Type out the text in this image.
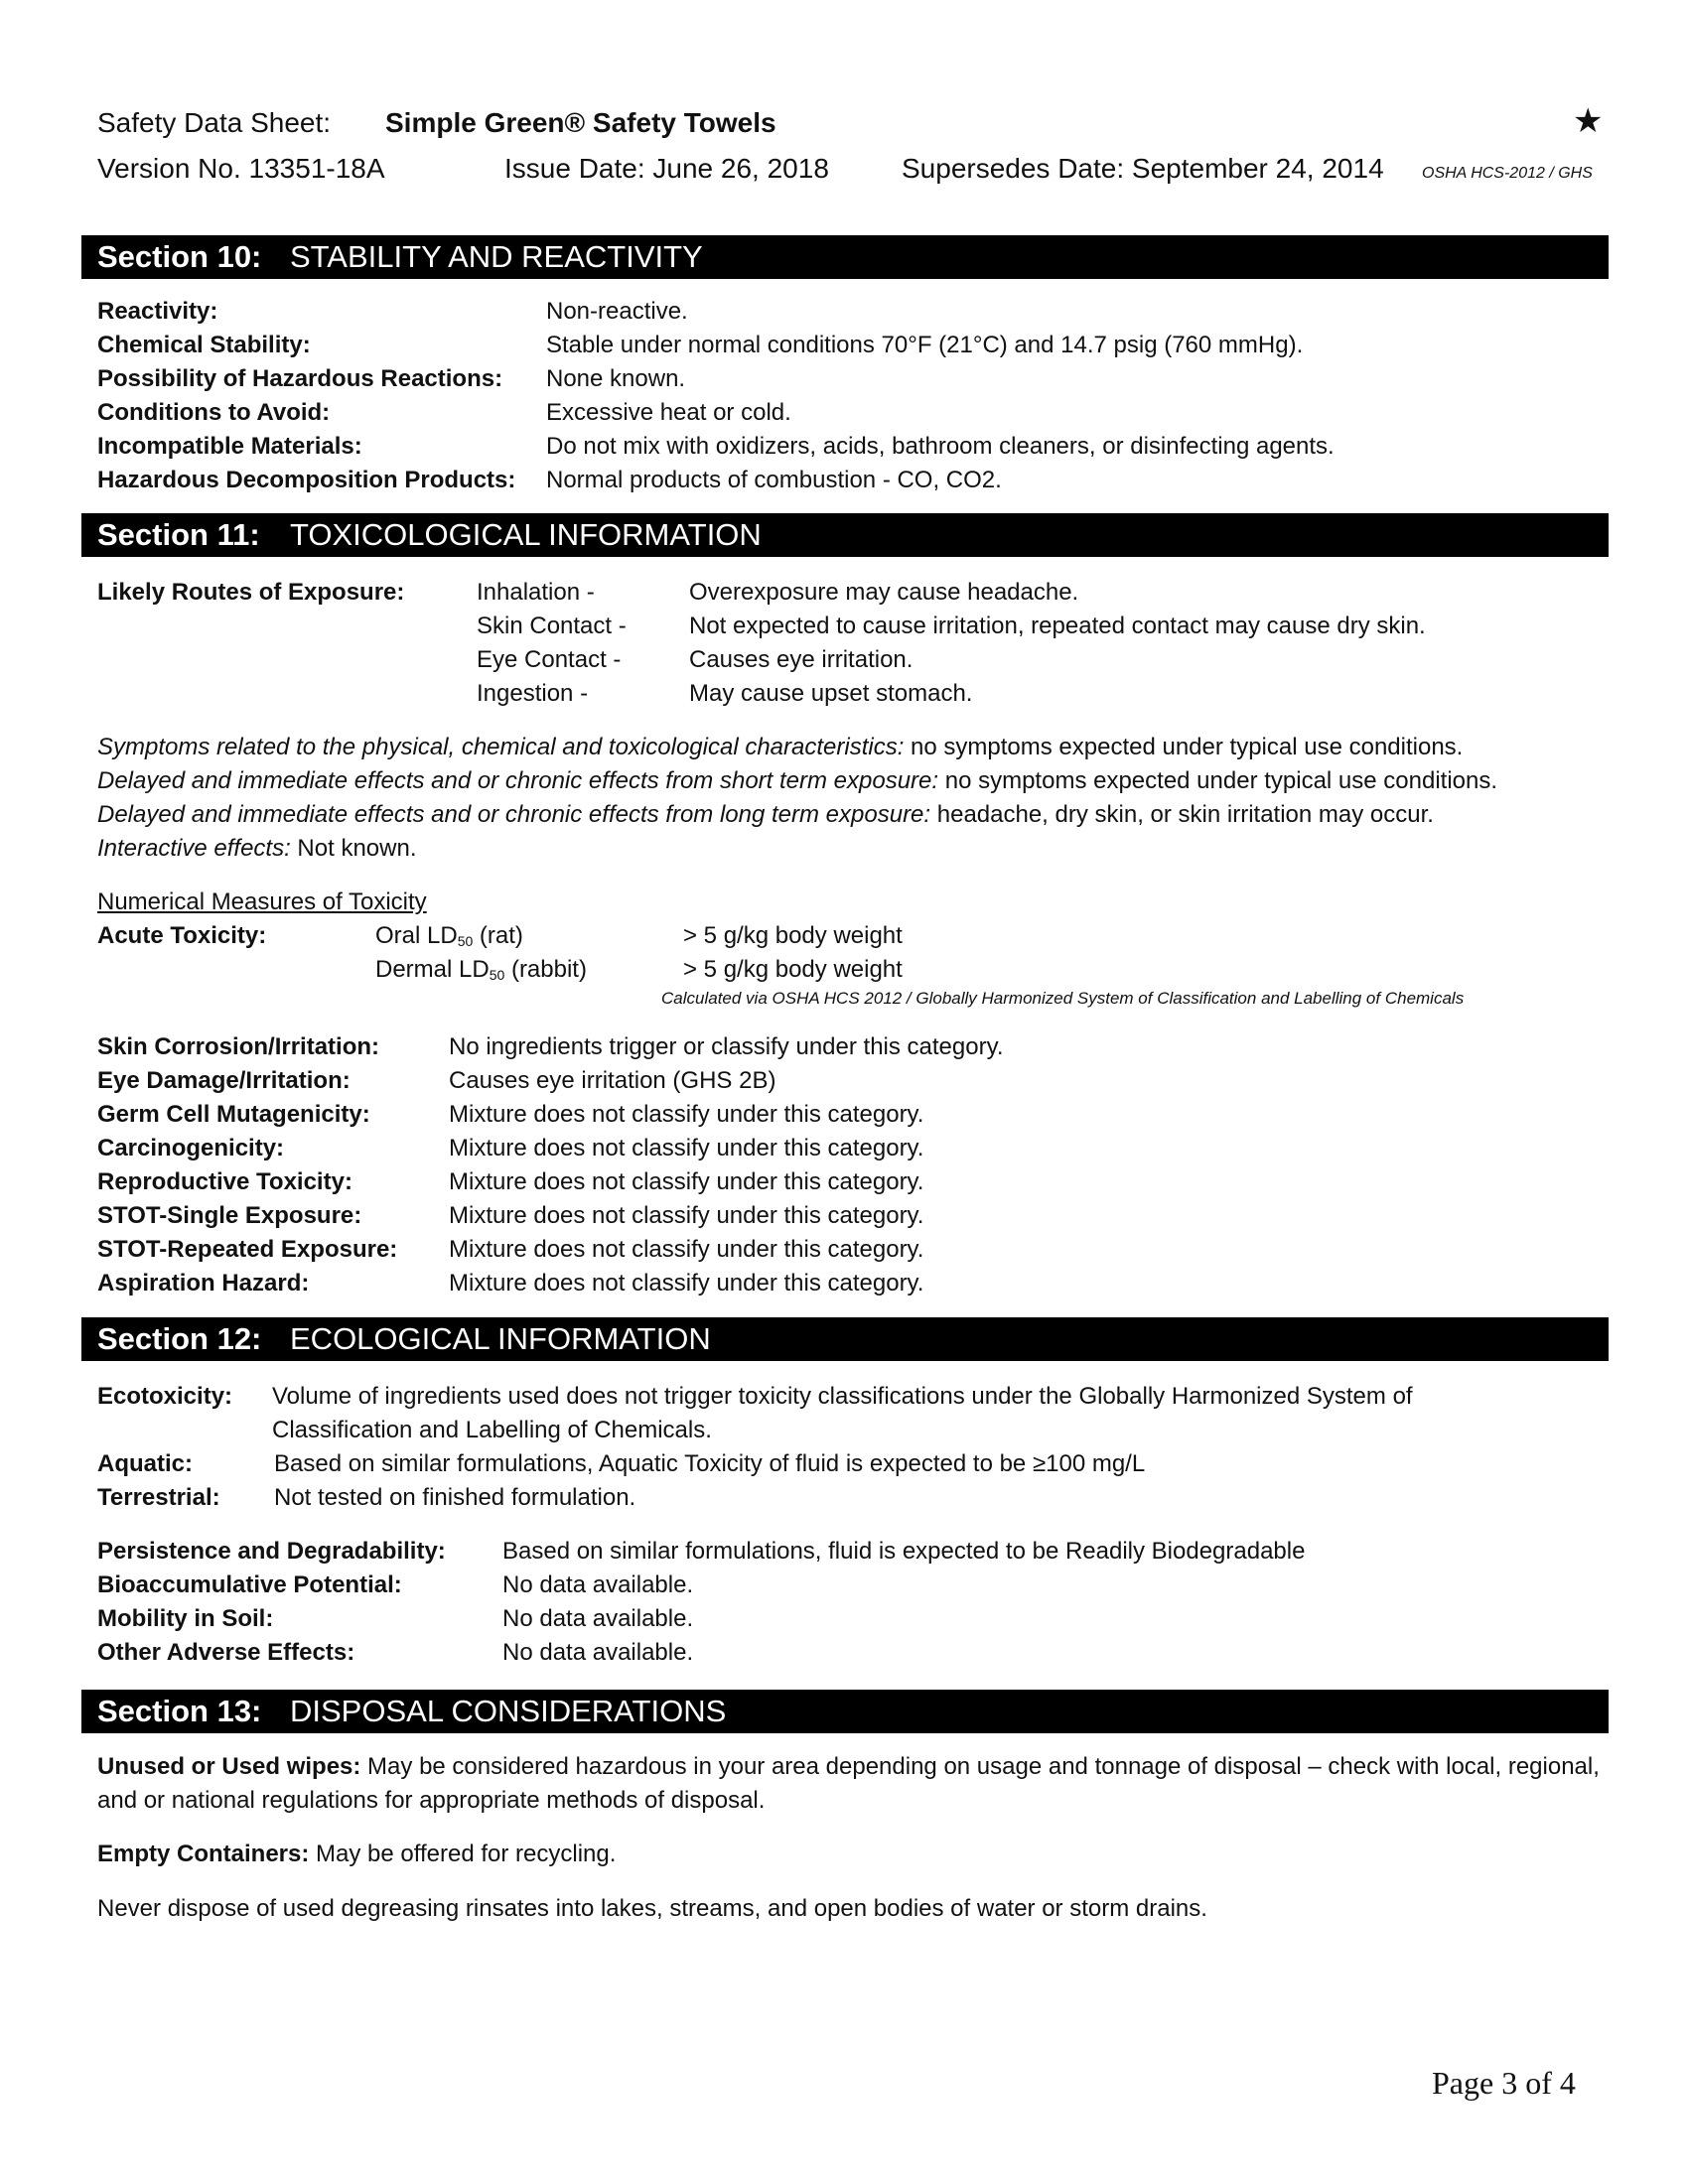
Safety Data Sheet: Simple Green® Safety Towels	★
Version No. 13351-18A	Issue Date: June 26, 2018	Supersedes Date: September 24, 2014 OSHA HCS-2012 / GHS
Section 10: STABILITY AND REACTIVITY
Reactivity:	Non-reactive.
Chemical Stability:	Stable under normal conditions 70°F (21°C) and 14.7 psig (760 mmHg).
Possibility of Hazardous Reactions: None known.
Conditions to Avoid:	Excessive heat or cold.
Incompatible Materials:	Do not mix with oxidizers, acids, bathroom cleaners, or disinfecting agents.
Hazardous Decomposition Products: Normal products of combustion - CO, CO2.
Section 11: TOXICOLOGICAL INFORMATION
Likely Routes of Exposure:	Inhalation -	Overexposure may cause headache.
Skin Contact -	Not expected to cause irritation, repeated contact may cause dry skin.
Eye Contact -	Causes eye irritation.
Ingestion -	May cause upset stomach.
Symptoms related to the physical, chemical and toxicological characteristics: no symptoms expected under typical use conditions.
Delayed and immediate effects and or chronic effects from short term exposure: no symptoms expected under typical use conditions.
Delayed and immediate effects and or chronic effects from long term exposure: headache, dry skin, or skin irritation may occur.
Interactive effects: Not known.
Numerical Measures of Toxicity
Acute Toxicity:	Oral $LD_{50}$ (rat)	> 5 g/kg body weight
Dermal $LD_{50}$ (rabbit)	> 5 g/kg body weight
Calculated via OSHA HCS 2012 / Globally Harmonized System of Classification and Labelling of Chemicals
Skin Corrosion/Irritation:	No ingredients trigger or classify under this category.
Eye Damage/Irritation:	Causes eye irritation (GHS 2B)
Germ Cell Mutagenicity:	Mixture does not classify under this category.
Carcinogenicity:	Mixture does not classify under this category.
Reproductive Toxicity:	Mixture does not classify under this category.
STOT-Single Exposure:	Mixture does not classify under this category.
STOT-Repeated Exposure: Mixture does not classify under this category.
Aspiration Hazard:	Mixture does not classify under this category.
Section 12: ECOLOGICAL INFORMATION
Ecotoxicity: Volume of ingredients used does not trigger toxicity classifications under the Globally Harmonized System of
Classification and Labelling of Chemicals.
Aquatic:	Based on similar formulations, Aquatic Toxicity of fluid is expected to be ≥100 mg/L
Terrestrial: Not tested on finished formulation.
Persistence and Degradability: Based on similar formulations, fluid is expected to be Readily Biodegradable
Bioaccumulative Potential:	No data available.
Mobility in Soil:	No data available.
Other Adverse Effects:	No data available.
Section 13: DISPOSAL CONSIDERATIONS
Unused or Used wipes: May be considered hazardous in your area depending on usage and tonnage of disposal – check with local, regional, and or national regulations for appropriate methods of disposal.
Empty Containers: May be offered for recycling.
Never dispose of used degreasing rinsates into lakes, streams, and open bodies of water or storm drains.
Page 3 of 4
